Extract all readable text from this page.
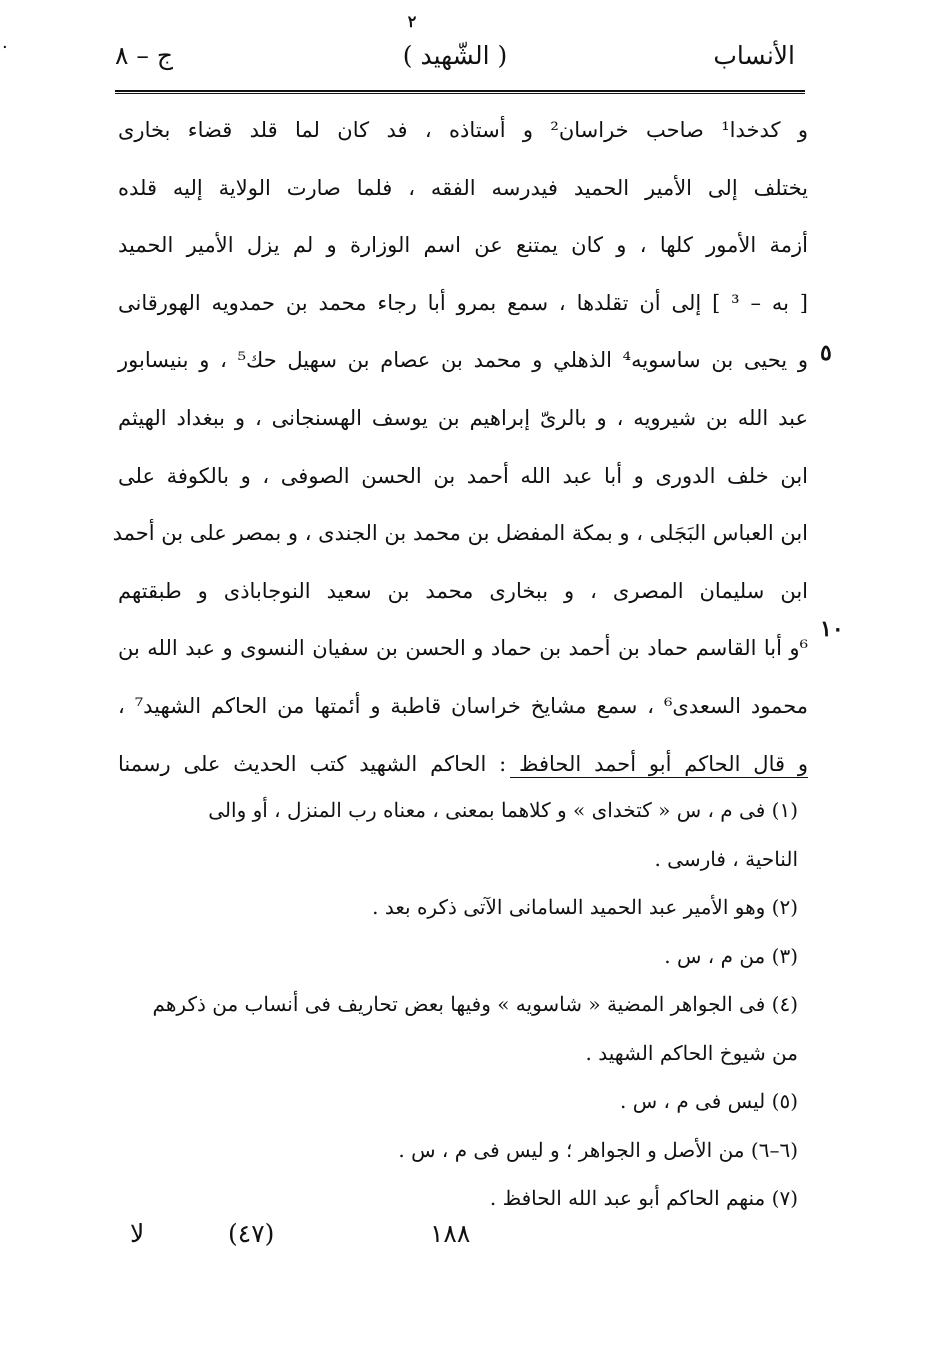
٠
٢
الأنساب
( الشّهيد )
ج – ٨
و كدخدا¹ صاحب خراسان² و أستاذه ، فد كان لما قلد قضاء بخارى
يختلف إلى الأمير الحميد فيدرسه الفقه ، فلما صارت الولاية إليه قلده
أزمة الأمور كلها ، و كان يمتنع عن اسم الوزارة و لم يزل الأمير الحميد
[ به – ³ ] إلى أن تقلدها ، سمع بمرو أبا رجاء محمد بن حمدويه الهورقانى
و يحيى بن ساسويه⁴ الذهلي و محمد بن عصام بن سهيل حك⁵ ، و بنيسابور
عبد الله بن شيرويه ، و بالرىّ إبراهيم بن يوسف الهسنجانى ، و ببغداد الهيثم
ابن خلف الدورى و أبا عبد الله أحمد بن الحسن الصوفى ، و بالكوفة على
ابن العباس البَجَلى ، و بمكة المفضل بن محمد بن الجندى ، و بمصر على بن أحمد
ابن سليمان المصرى ، و ببخارى محمد بن سعيد النوجاباذى و طبقتهم
⁶و أبا القاسم حماد بن أحمد بن حماد و الحسن بن سفيان النسوى و عبد الله بن
محمود السعدى⁶ ، سمع مشايخ خراسان قاطبة و أئمتها من الحاكم الشهيد⁷ ،
و قال الحاكم أبو أحمد الحافظ : الحاكم الشهيد كتب الحديث على رسمنا
٥
١٠
(١) فى م ، س « كتخداى » و كلاهما بمعنى ، معناه رب المنزل ، أو والى
الناحية ، فارسى .
(٢) وهو الأمير عبد الحميد السامانى الآتى ذكره بعد .
(٣) من م ، س .
(٤) فى الجواهر المضية « شاسويه » وفيها بعض تحاريف فى أنساب من ذكرهم
من شيوخ الحاكم الشهيد .
(٥) ليس فى م ، س .
(٦–٦) من الأصل و الجواهر ؛ و ليس فى م ، س .
(٧) منهم الحاكم أبو عبد الله الحافظ .
لا	(٤٧)	١٨٨
